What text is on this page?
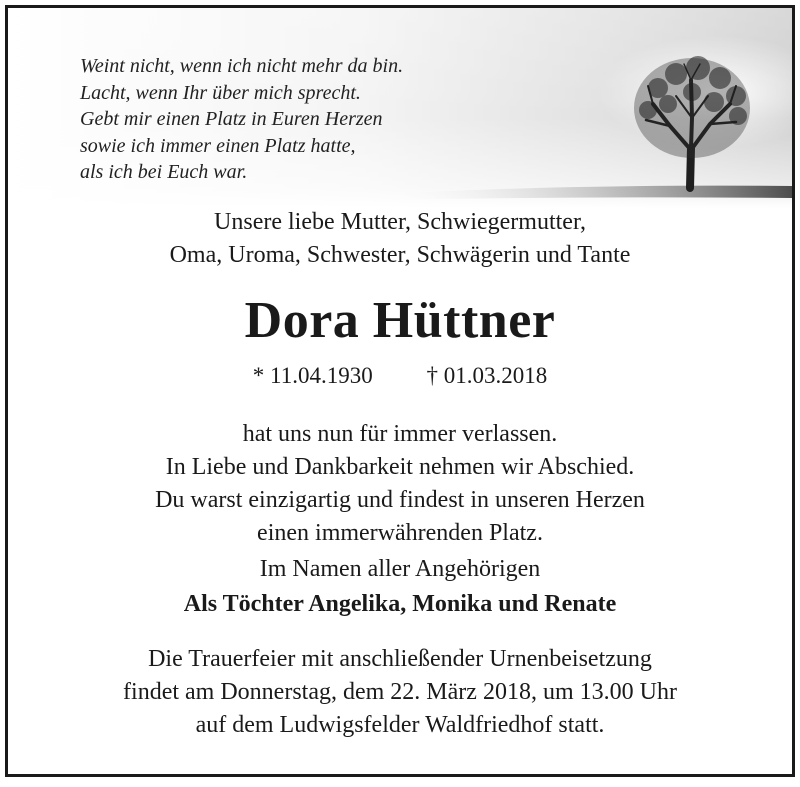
Weint nicht, wenn ich nicht mehr da bin.
Lacht, wenn Ihr über mich sprecht.
Gebt mir einen Platz in Euren Herzen
sowie ich immer einen Platz hatte,
als ich bei Euch war.
Unsere liebe Mutter, Schwiegermutter,
Oma, Uroma, Schwester, Schwägerin und Tante
Dora Hüttner
* 11.04.1930 † 01.03.2018
hat uns nun für immer verlassen.
In Liebe und Dankbarkeit nehmen wir Abschied.
Du warst einzigartig und findest in unseren Herzen
einen immerwährenden Platz.
Im Namen aller Angehörigen
Als Töchter Angelika, Monika und Renate
Die Trauerfeier mit anschließender Urnenbeisetzung
findet am Donnerstag, dem 22. März 2018, um 13.00 Uhr
auf dem Ludwigsfelder Waldfriedhof statt.
